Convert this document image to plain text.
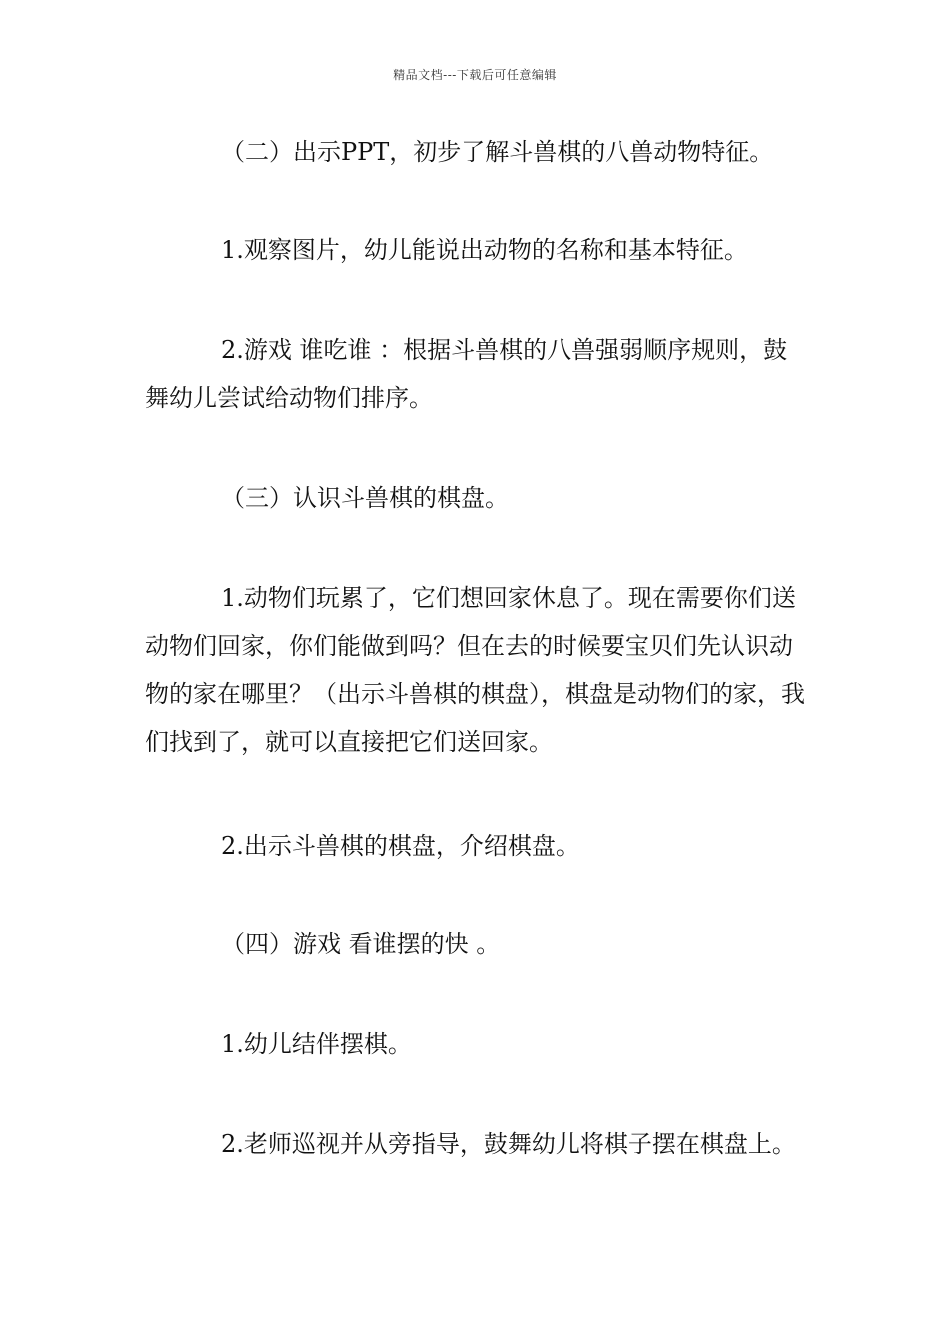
精品文档---下载后可任意编辑

（二）出示PPT，初步了解斗兽棋的八兽动物特征。

1.观察图片，幼儿能说出动物的名称和基本特征。

2.游戏 谁吃谁 ：根据斗兽棋的八兽强弱顺序规则，鼓舞幼儿尝试给动物们排序。

（三）认识斗兽棋的棋盘。

1.动物们玩累了，它们想回家休息了。现在需要你们送动物们回家，你们能做到吗？但在去的时候要宝贝们先认识动物的家在哪里？（出示斗兽棋的棋盘），棋盘是动物们的家，我们找到了，就可以直接把它们送回家。

2.出示斗兽棋的棋盘，介绍棋盘。

（四）游戏 看谁摆的快 。

1.幼儿结伴摆棋。

2.老师巡视并从旁指导，鼓舞幼儿将棋子摆在棋盘上。
